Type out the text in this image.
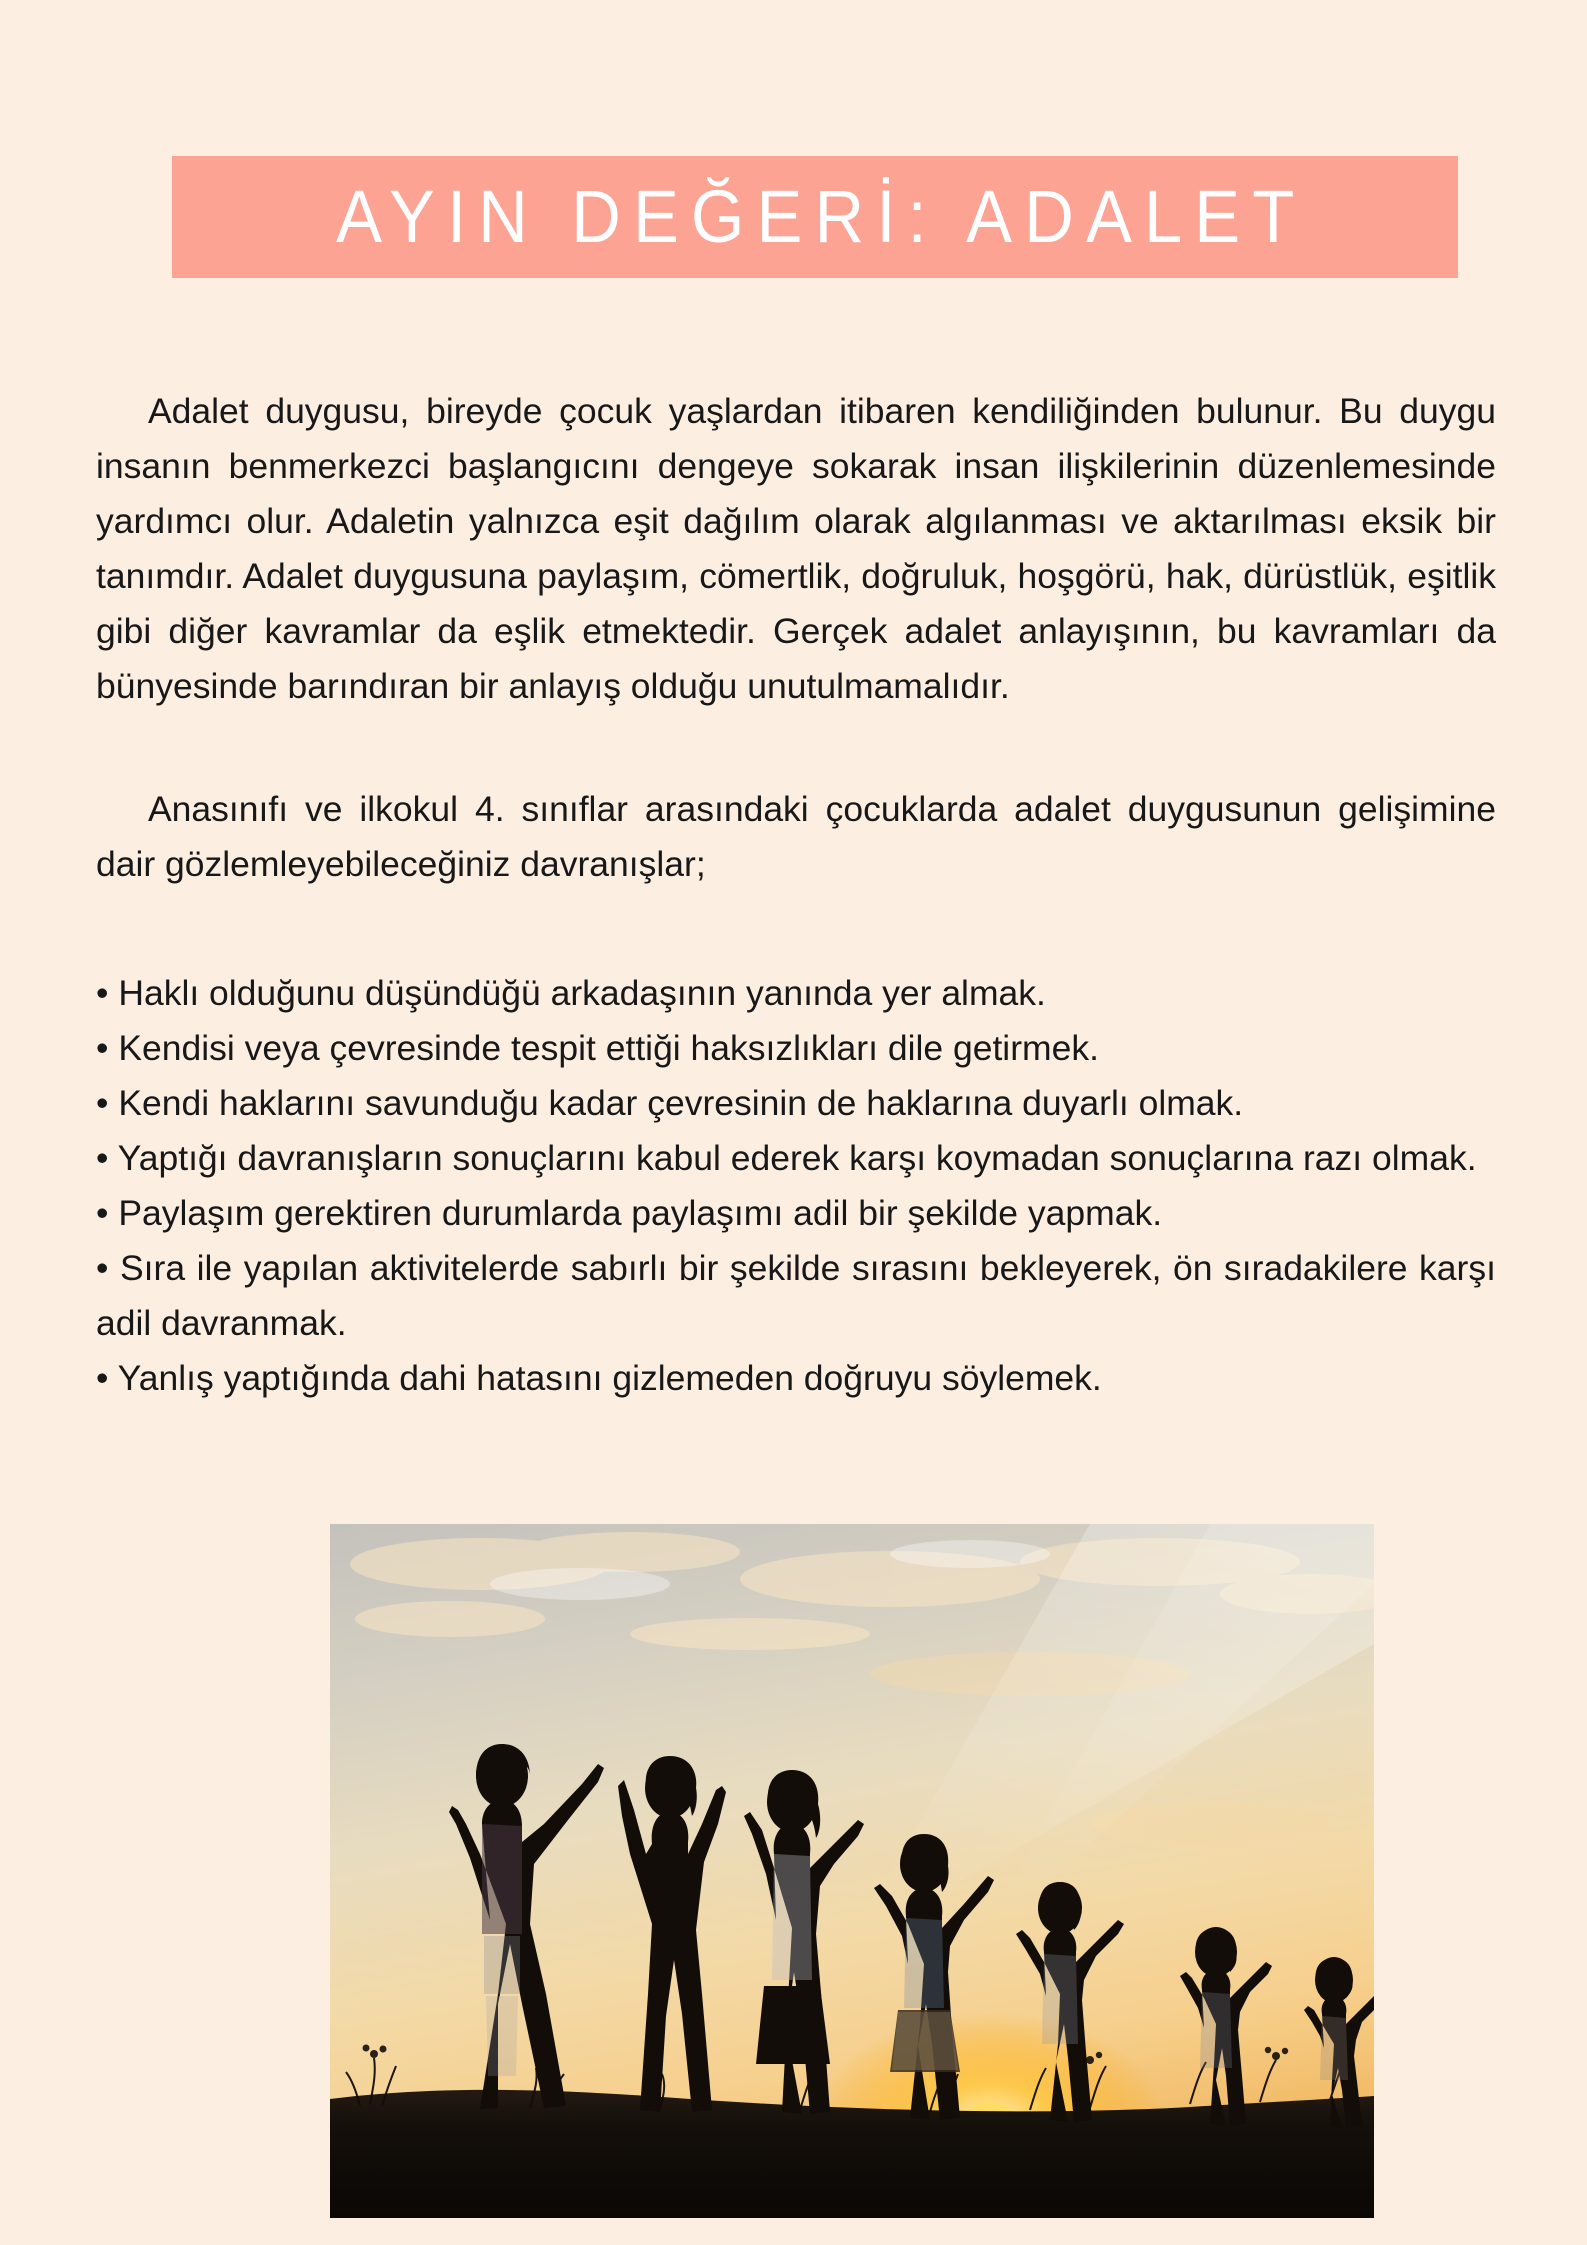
AYIN DEĞERİ: ADALET

Adalet duygusu, bireyde çocuk yaşlardan itibaren kendiliğinden bulunur. Bu duygu insanın benmerkezci başlangıcını dengeye sokarak insan ilişkilerinin düzenlemesinde yardımcı olur. Adaletin yalnızca eşit dağılım olarak algılanması ve aktarılması eksik bir tanımdır. Adalet duygusuna paylaşım, cömertlik, doğruluk, hoşgörü, hak, dürüstlük, eşitlik gibi diğer kavramlar da eşlik etmektedir. Gerçek adalet anlayışının, bu kavramları da bünyesinde barındıran bir anlayış olduğu unutulmamalıdır.

Anasınıfı ve ilkokul 4. sınıflar arasındaki çocuklarda adalet duygusunun gelişimine dair gözlemleyebileceğiniz davranışlar;

• Haklı olduğunu düşündüğü arkadaşının yanında yer almak.
• Kendisi veya çevresinde tespit ettiği haksızlıkları dile getirmek.
• Kendi haklarını savunduğu kadar çevresinin de haklarına duyarlı olmak.
• Yaptığı davranışların sonuçlarını kabul ederek karşı koymadan sonuçlarına razı olmak.
• Paylaşım gerektiren durumlarda paylaşımı adil bir şekilde yapmak.
• Sıra ile yapılan aktivitelerde sabırlı bir şekilde sırasını bekleyerek, ön sıradakilere karşı adil davranmak.
• Yanlış yaptığında dahi hatasını gizlemeden doğruyu söylemek.
